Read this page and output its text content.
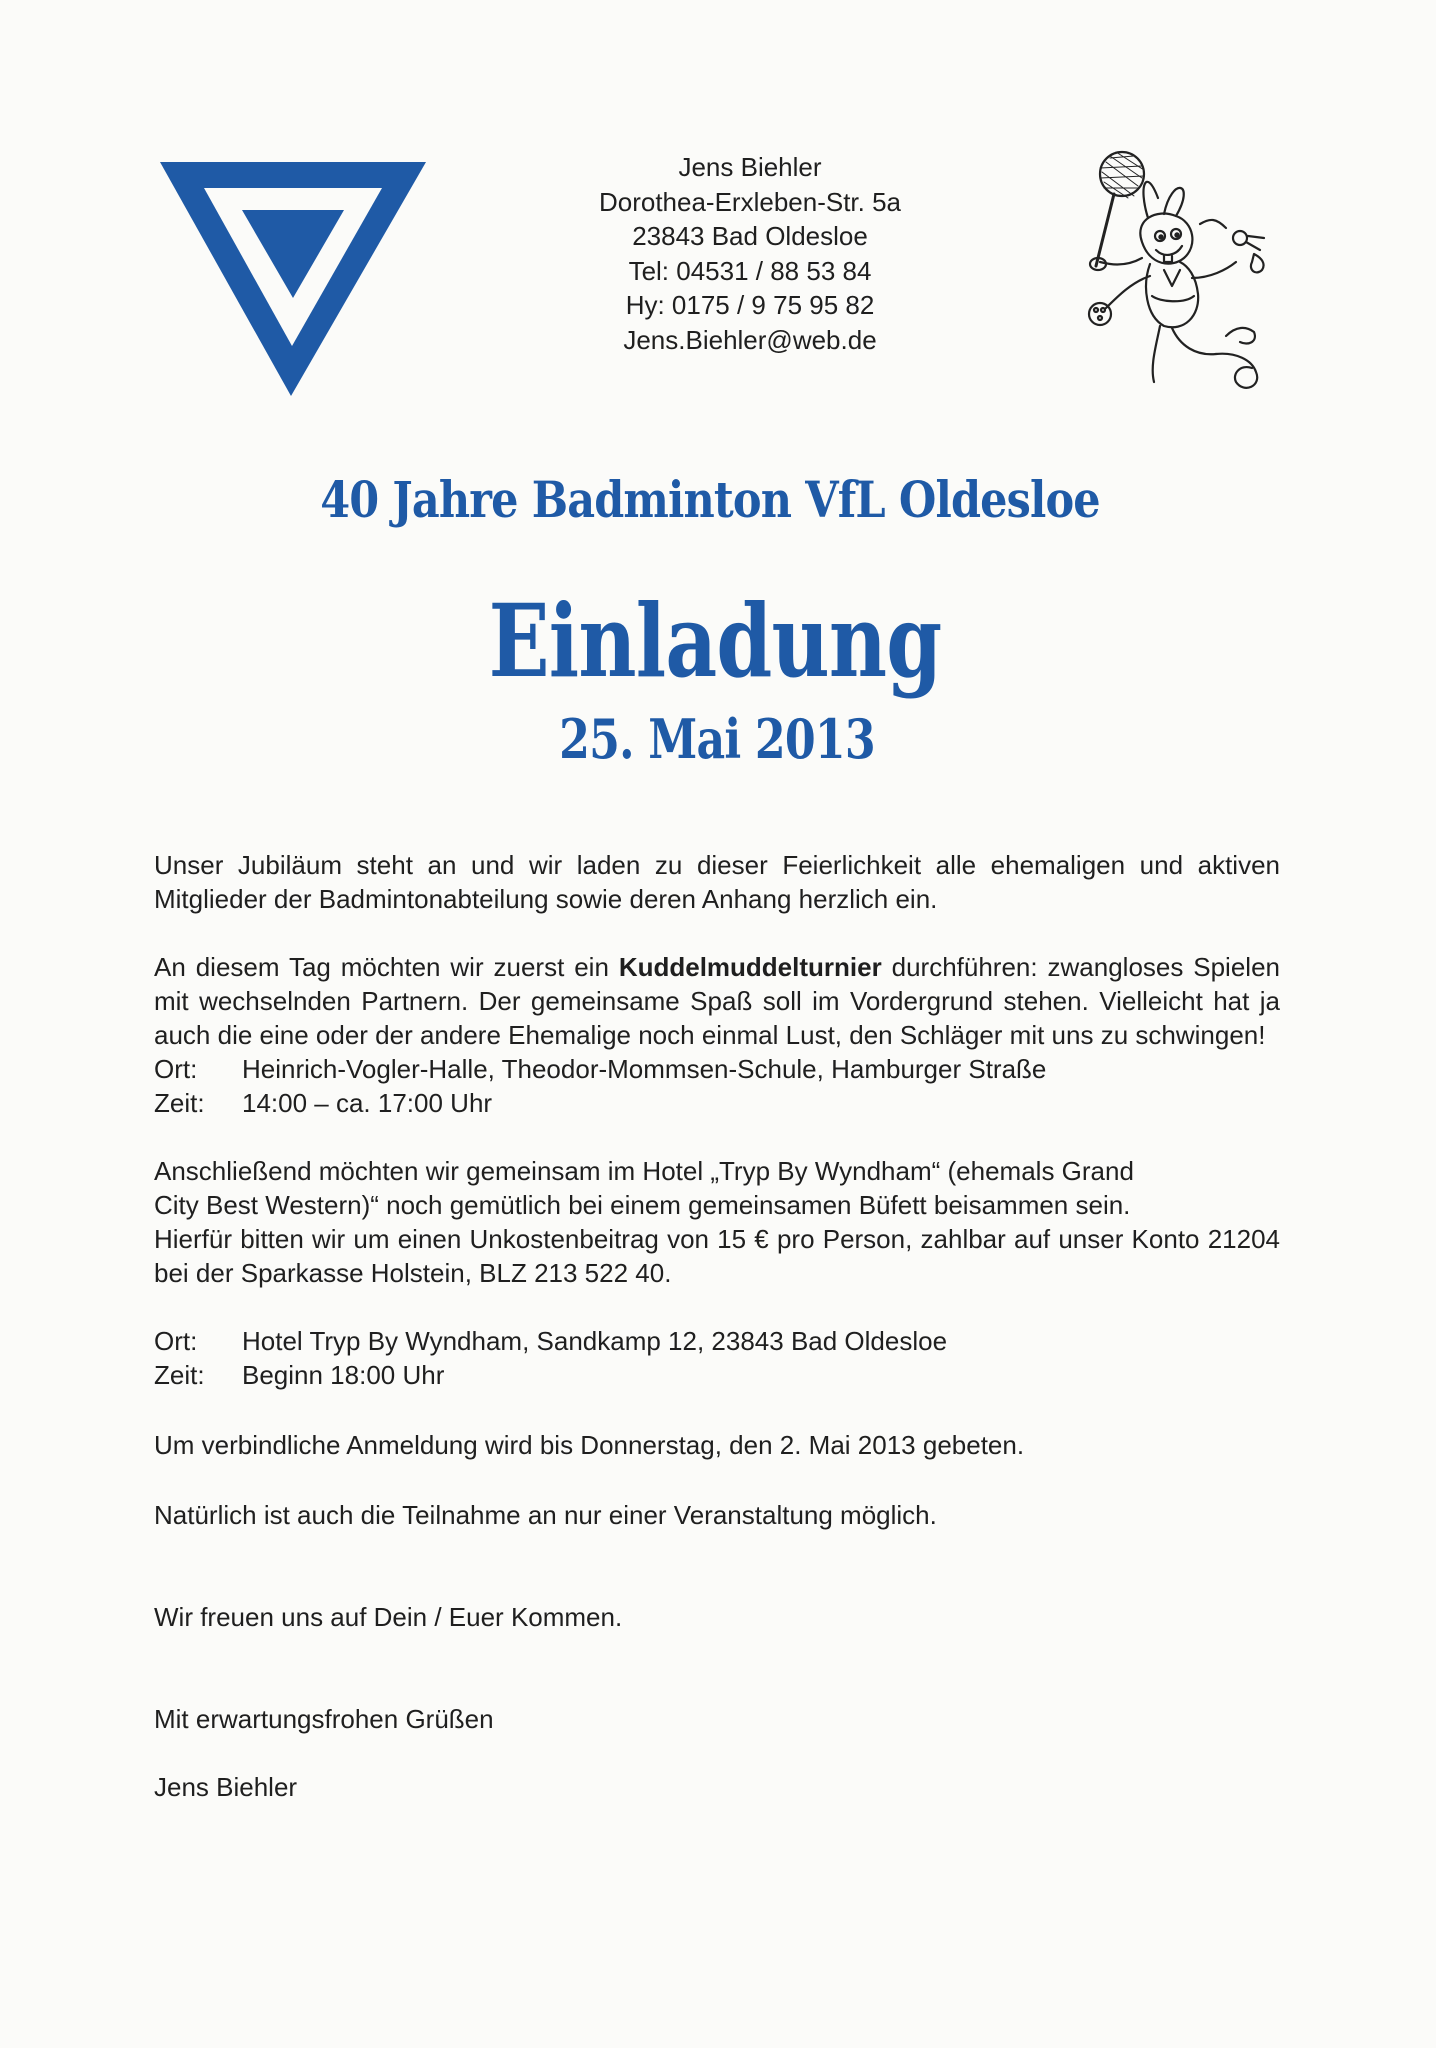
Jens Biehler
Dorothea-Erxleben-Str. 5a
23843 Bad Oldesloe
Tel: 04531 / 88 53 84
Hy: 0175 / 9 75 95 82
Jens.Biehler@web.de
40 Jahre Badminton VfL Oldesloe
Einladung
25. Mai 2013

Unser Jubiläum steht an und wir laden zu dieser Feierlichkeit alle ehemaligen und aktiven Mitglieder der Badmintonabteilung sowie deren Anhang herzlich ein.

An diesem Tag möchten wir zuerst ein Kuddelmuddelturnier durchführen: zwangloses Spielen mit wechselnden Partnern. Der gemeinsame Spaß soll im Vordergrund stehen. Vielleicht hat ja auch die eine oder der andere Ehemalige noch einmal Lust, den Schläger mit uns zu schwingen!

Ort:	Heinrich-Vogler-Halle, Theodor-Mommsen-Schule, Hamburger Straße
Zeit:	14:00 – ca. 17:00 Uhr

Anschließend möchten wir gemeinsam im Hotel „Tryp By Wyndham“ (ehemals Grand City Best Western)“ noch gemütlich bei einem gemeinsamen Büfett beisammen sein.

Hierfür bitten wir um einen Unkostenbeitrag von 15 € pro Person, zahlbar auf unser Konto 21204 bei der Sparkasse Holstein, BLZ 213 522 40.

Ort:	Hotel Tryp By Wyndham, Sandkamp 12, 23843 Bad Oldesloe
Zeit:	Beginn 18:00 Uhr
Um verbindliche Anmeldung wird bis Donnerstag, den 2. Mai 2013 gebeten.
Natürlich ist auch die Teilnahme an nur einer Veranstaltung möglich.
Wir freuen uns auf Dein / Euer Kommen.
Mit erwartungsfrohen Grüßen
Jens Biehler
